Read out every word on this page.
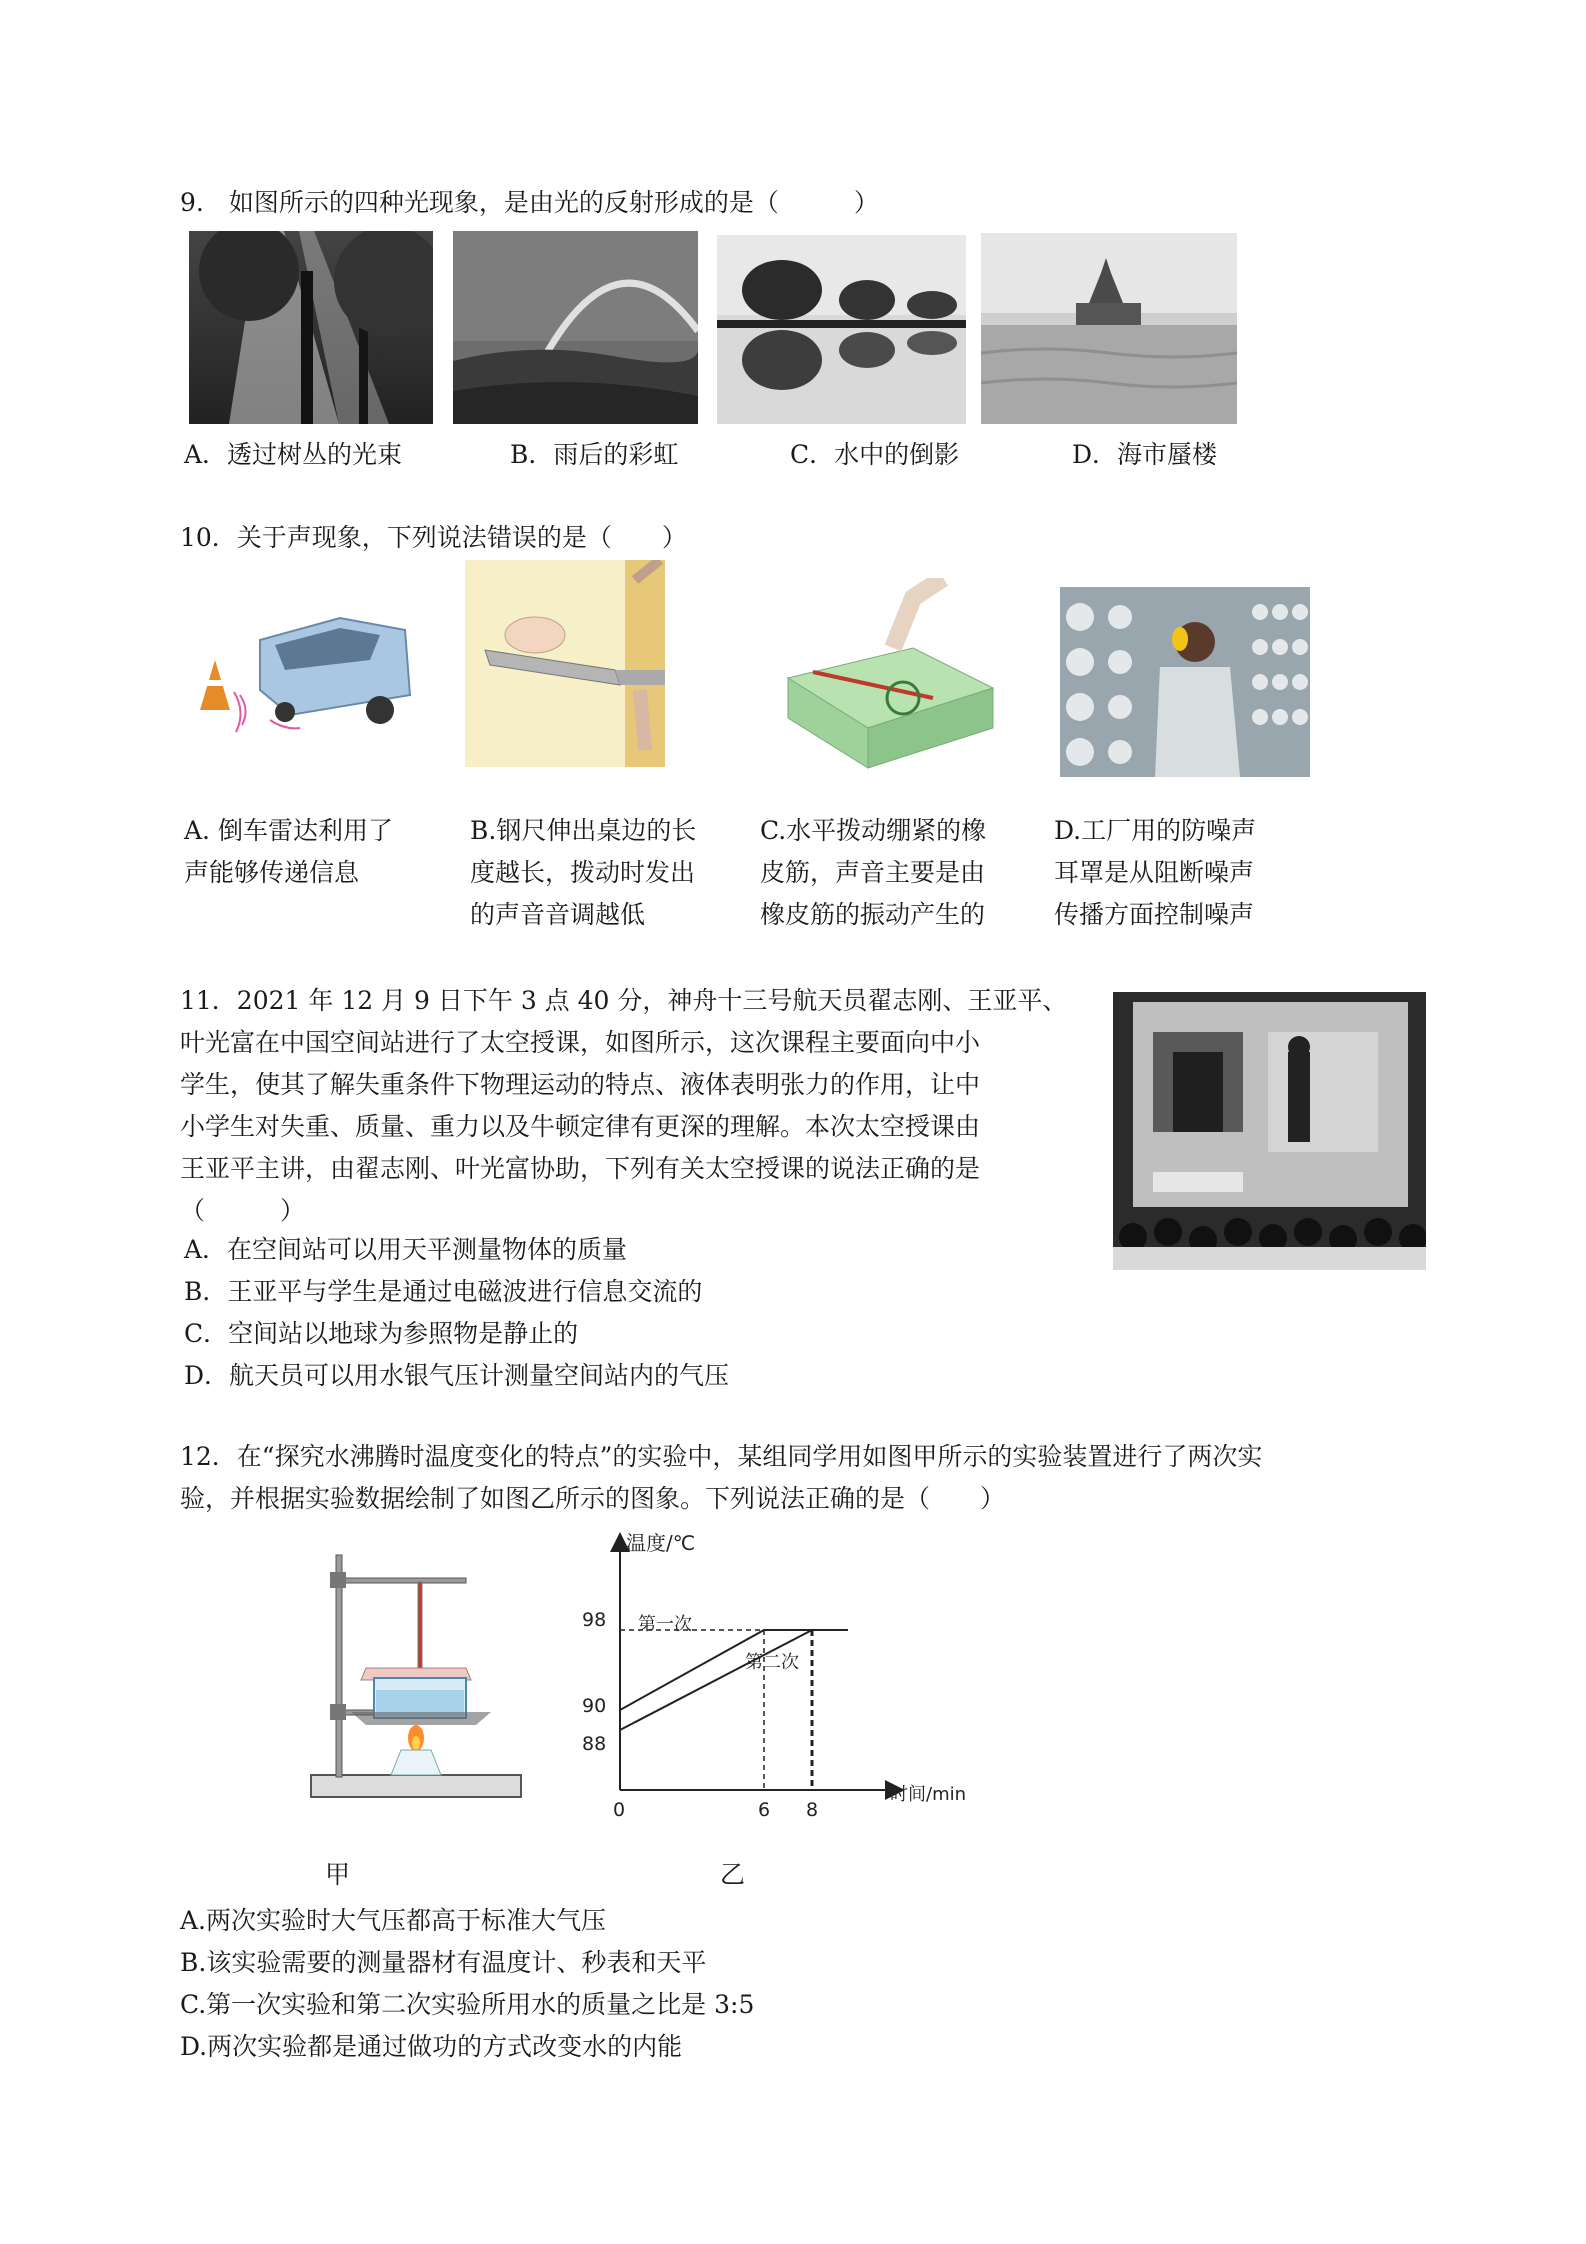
9.　如图所示的四种光现象，是由光的反射形成的是（　　　）
A．透过树丛的光束	B．雨后的彩虹	C．水中的倒影	D．海市蜃楼
10．关于声现象，下列说法错误的是（　　）
A. 倒车雷达利用了
声能够传递信息
B.钢尺伸出桌边的长
度越长，拨动时发出
的声音音调越低
C.水平拨动绷紧的橡
皮筋，声音主要是由
橡皮筋的振动产生的
D.工厂用的防噪声
耳罩是从阻断噪声
传播方面控制噪声
11．2021 年 12 月 9 日下午 3 点 40 分，神舟十三号航天员翟志刚、王亚平、
叶光富在中国空间站进行了太空授课，如图所示，这次课程主要面向中小
学生，使其了解失重条件下物理运动的特点、液体表明张力的作用，让中
小学生对失重、质量、重力以及牛顿定律有更深的理解。本次太空授课由
王亚平主讲，由翟志刚、叶光富协助，下列有关太空授课的说法正确的是
（　　　）
A．在空间站可以用天平测量物体的质量
B．王亚平与学生是通过电磁波进行信息交流的
C．空间站以地球为参照物是静止的
D．航天员可以用水银气压计测量空间站内的气压
12．在“探究水沸腾时温度变化的特点”的实验中，某组同学用如图甲所示的实验装置进行了两次实
验，并根据实验数据绘制了如图乙所示的图象。下列说法正确的是（　　）
温度/℃
时间/min
0	6 8
88
90
98 第一次
第二次
甲	乙
A.两次实验时大气压都高于标准大气压
B.该实验需要的测量器材有温度计、秒表和天平
C.第一次实验和第二次实验所用水的质量之比是 3:5
D.两次实验都是通过做功的方式改变水的内能
